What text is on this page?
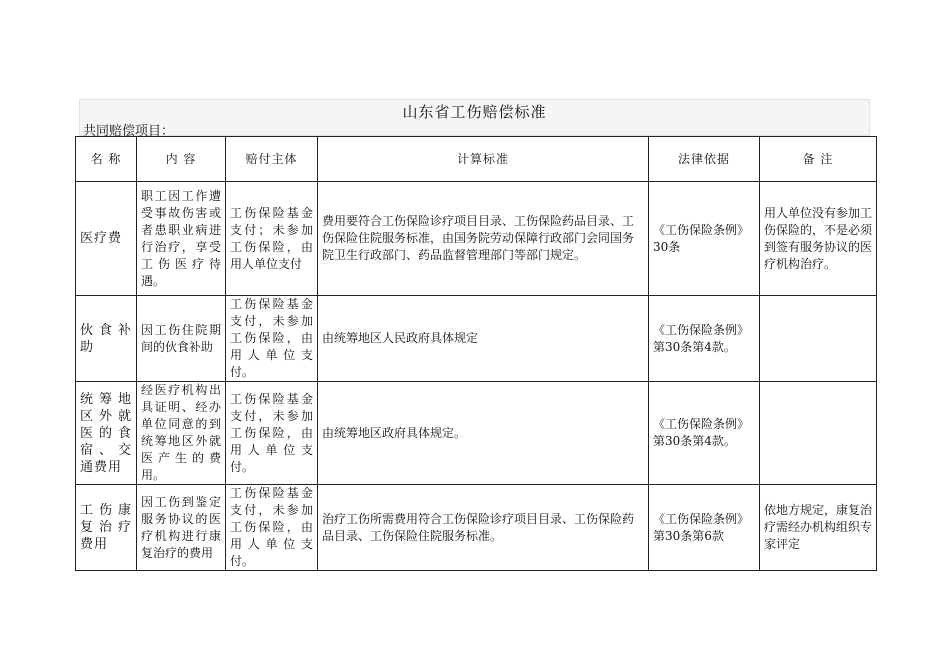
山东省工伤赔偿标准
共同赔偿项目：
名 称	内 容	赔付主体	计算标准	法律依据	备 注
医疗费	职工因工作遭受事故伤害或者患职业病进行治疗，享受工伤医疗待遇。	工伤保险基金支付；未参加工伤保险，由用人单位支付	费用要符合工伤保险诊疗项目目录、工伤保险药品目录、工伤保险住院服务标准，由国务院劳动保障行政部门会同国务院卫生行政部门、药品监督管理部门等部门规定。	《工伤保险条例》30条	用人单位没有参加工伤保险的，不是必须到签有服务协议的医疗机构治疗。
伙食补助	因工伤住院期间的伙食补助	工伤保险基金支付，未参加工伤保险，由用人单位支付。	由统筹地区人民政府具体规定	《工伤保险条例》第30条第4款。	
统筹地区外就医的食宿、交通费用	经医疗机构出具证明、经办单位同意的到统筹地区外就医产生的费用。	工伤保险基金支付，未参加工伤保险，由用人单位支付。	由统筹地区政府具体规定。	《工伤保险条例》第30条第4款。	
工伤康复治疗费用	因工伤到鉴定服务协议的医疗机构进行康复治疗的费用	工伤保险基金支付，未参加工伤保险，由用人单位支付。	治疗工伤所需费用符合工伤保险诊疗项目目录、工伤保险药品目录、工伤保险住院服务标准。	《工伤保险条例》第30条第6款	依地方规定，康复治疗需经办机构组织专家评定
